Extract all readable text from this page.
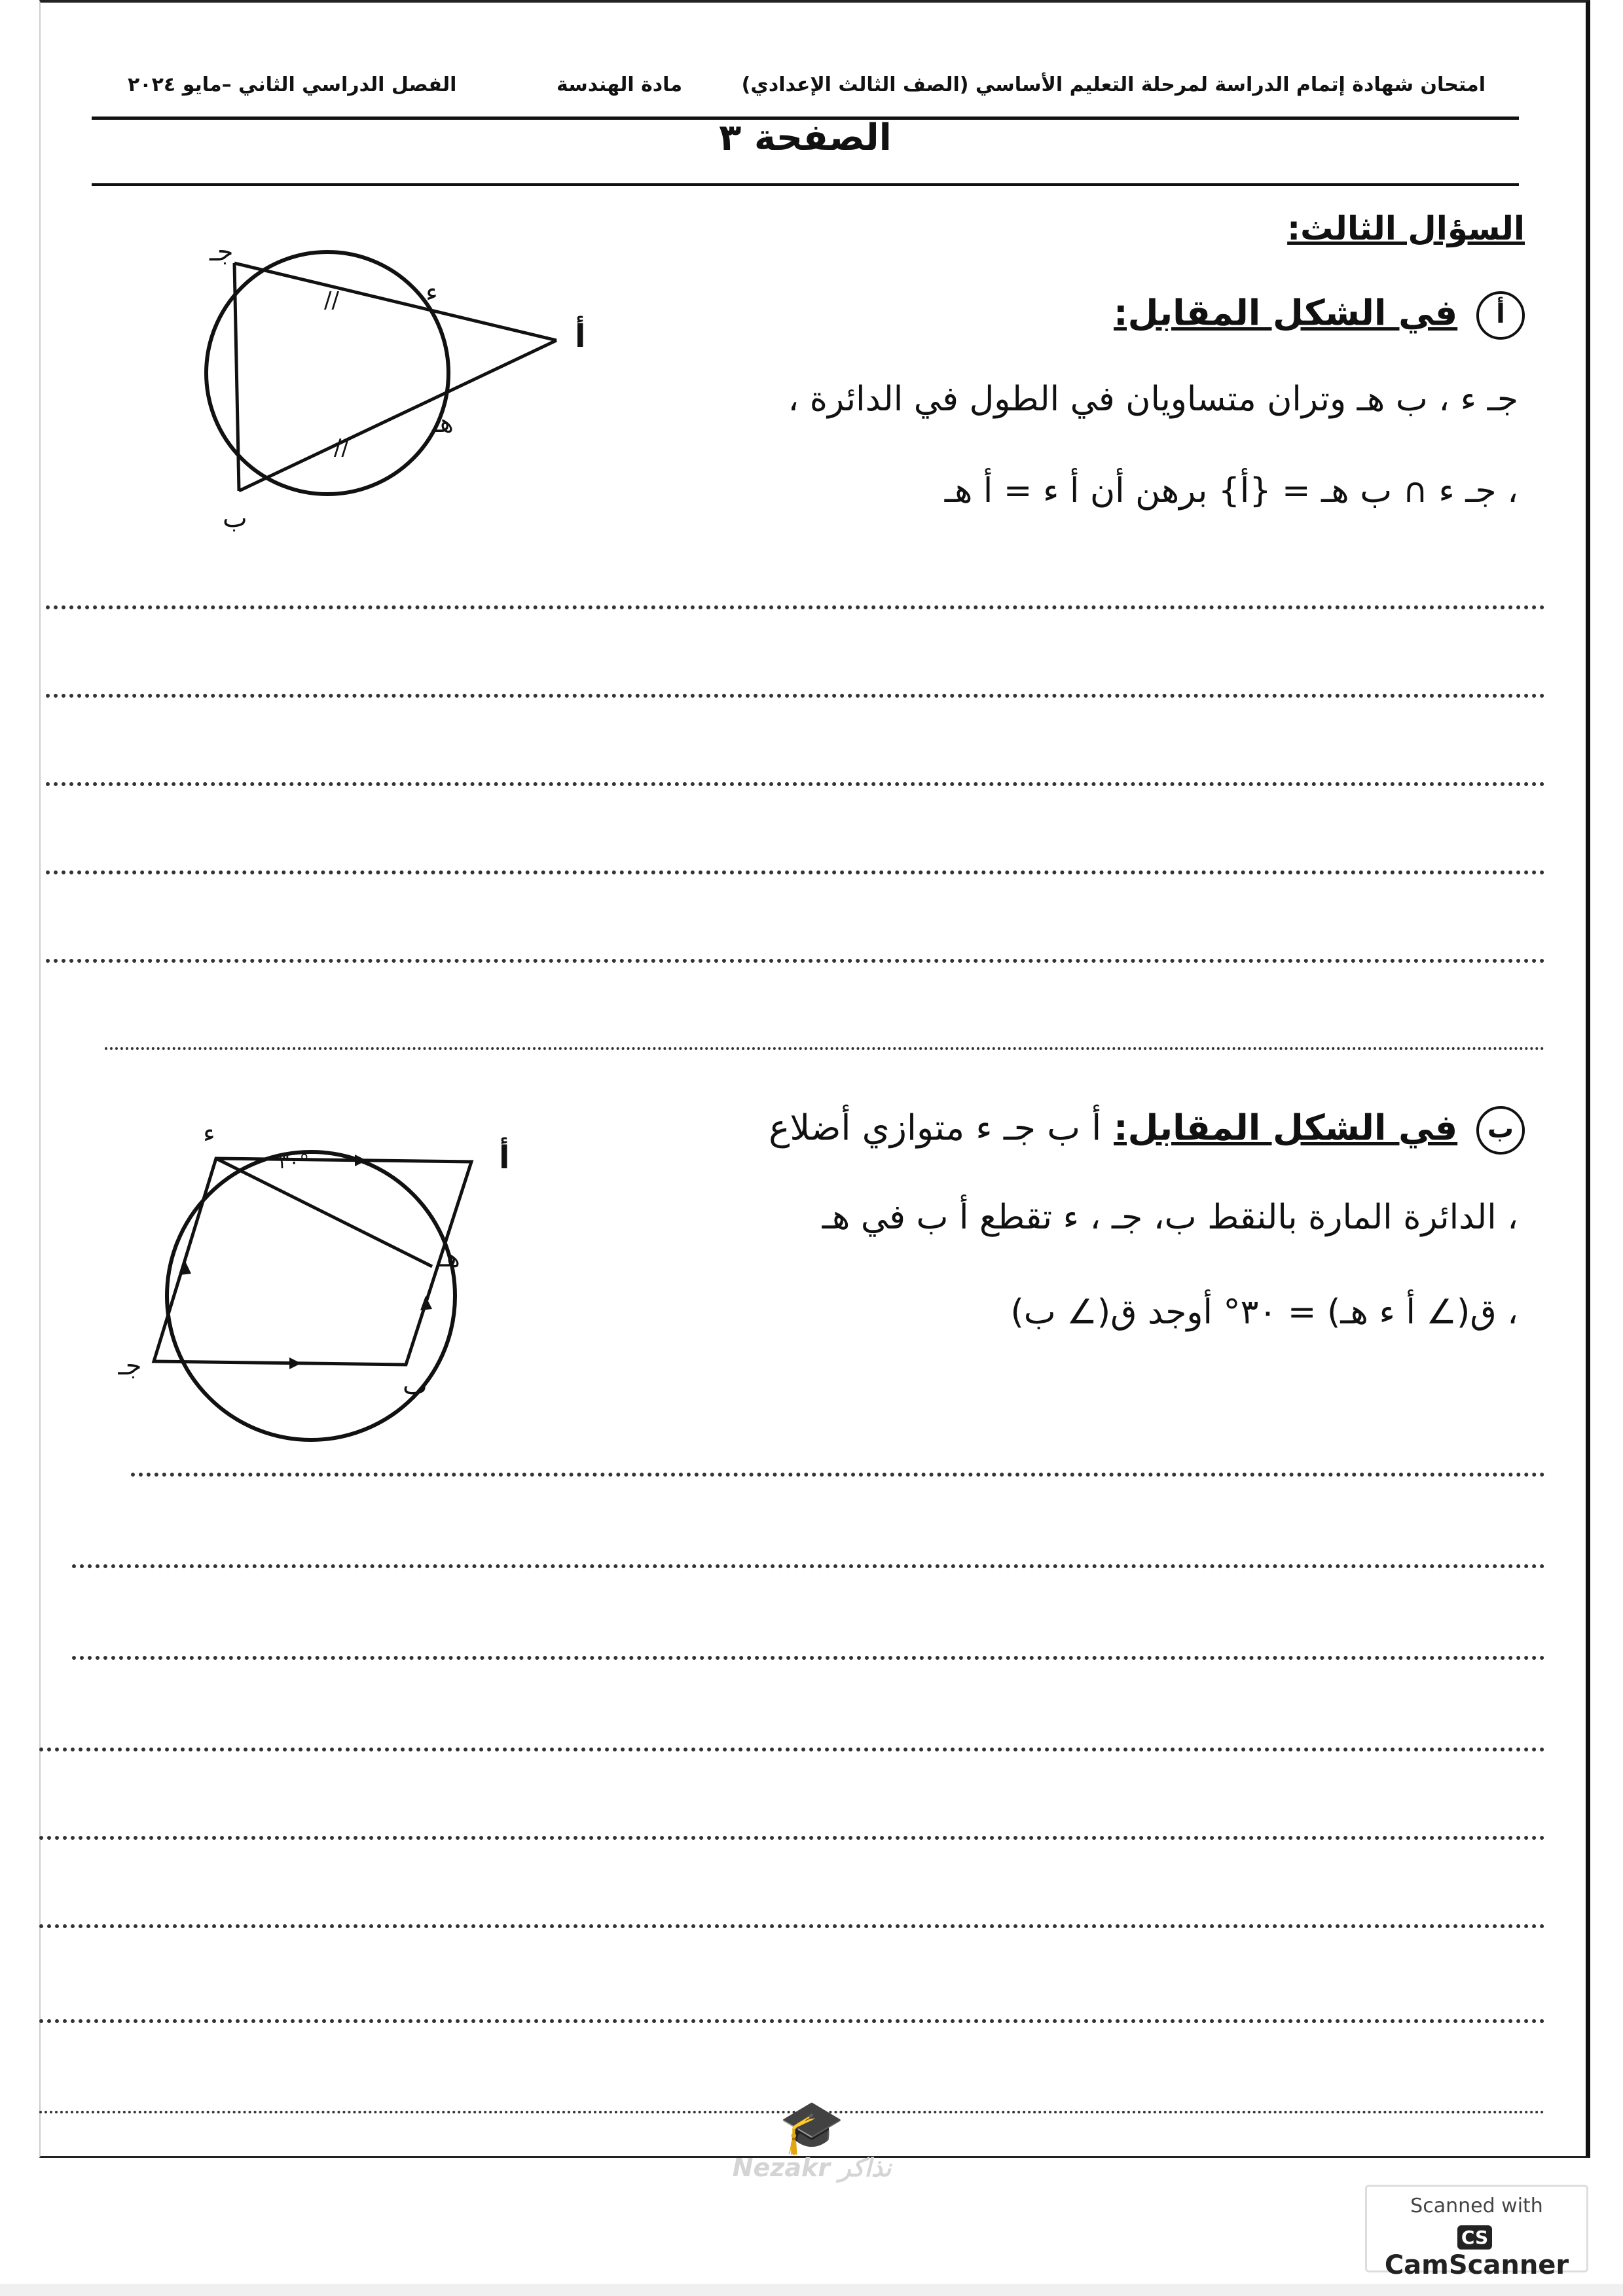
امتحان شهادة إتمام الدراسة لمرحلة التعليم الأساسي (الصف الثالث الإعدادي)
مادة الهندسة
الفصل الدراسي الثاني –مايو ٢٠٢٤
الصفحة ٣
السؤال الثالث:
أ في الشكل المقابل:
جـ ء ، ب هـ وتران متساويان في الطول في الدائرة ،
، جـ ء ∩ ب هـ = {أ} برهن أن أ ء = أ هـ
//
//
أ
جـ
ء
هـ
ب
ب في الشكل المقابل: أ ب جـ ء متوازي أضلاع
، الدائرة المارة بالنقط ب، جـ ، ء تقطع أ ب في هـ
، ق(∠ أ ء هـ) = ٣٠° أوجد ق(∠ ب)
٣٠°	أ
ء
هـ
ب
جـ
🎓
Nezakr نذاكر
Scanned with
CSCamScanner
